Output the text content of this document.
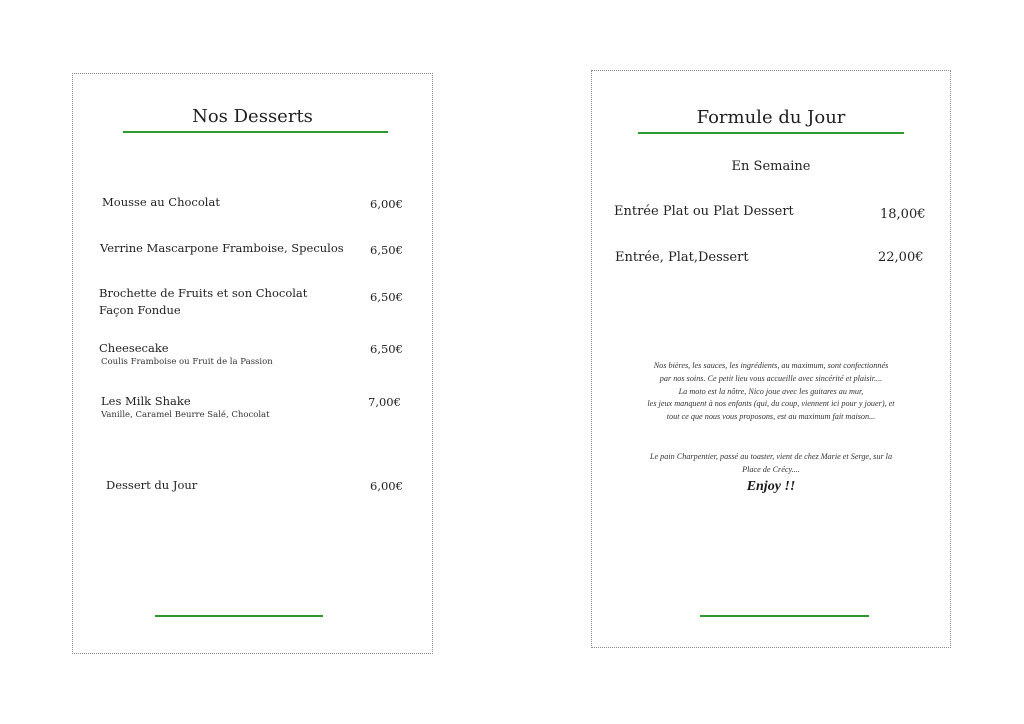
Nos Desserts
Mousse au Chocolat	6,00€
Verrine Mascarpone Framboise, Speculos 6,50€
Brochette de Fruits et son Chocolat
Façon Fondue
6,50€
Cheesecake
Coulis Framboise ou Fruit de la Passion
6,50€
Les Milk Shake
Vanille, Caramel Beurre Salé, Chocolat
7,00€
Dessert du Jour	6,00€
Formule du Jour
En Semaine
Entrée Plat ou Plat Dessert	18,00€
Entrée, Plat,Dessert	22,00€
Nos bières, les sauces, les ingrédients, au maximum, sont confectionnés
par nos soins. Ce petit lieu vous accueille avec sincérité et plaisir....
La moto est la nôtre, Nico joue avec les guitares au mur,
les jeux manquent à nos enfants (qui, du coup, viennent ici pour y jouer), et
tout ce que nous vous proposons, est au maximum fait maison...
Le pain Charpentier, passé au toaster, vient de chez Marie et Serge, sur la
Place de Crécy....
Enjoy !!
